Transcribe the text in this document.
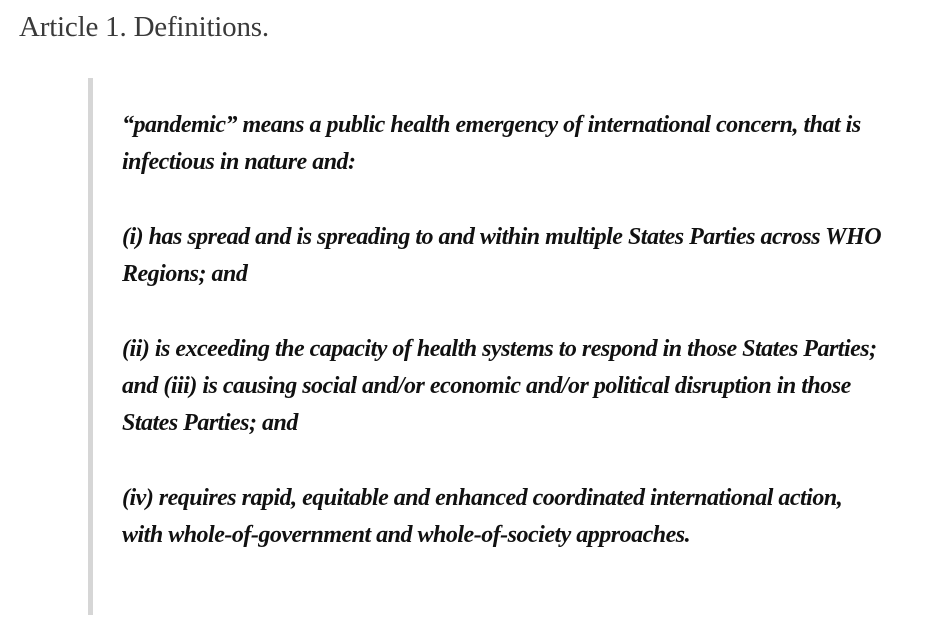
Article 1. Definitions.

“pandemic” means a public health emergency of international concern, that is infectious in nature and:

(i) has spread and is spreading to and within multiple States Parties across WHO Regions; and

(ii) is exceeding the capacity of health systems to respond in those States Parties; and (iii) is causing social and/or economic and/or political disruption in those States Parties; and

(iv) requires rapid, equitable and enhanced coordinated international action, with whole-of-government and whole-of-society approaches.
